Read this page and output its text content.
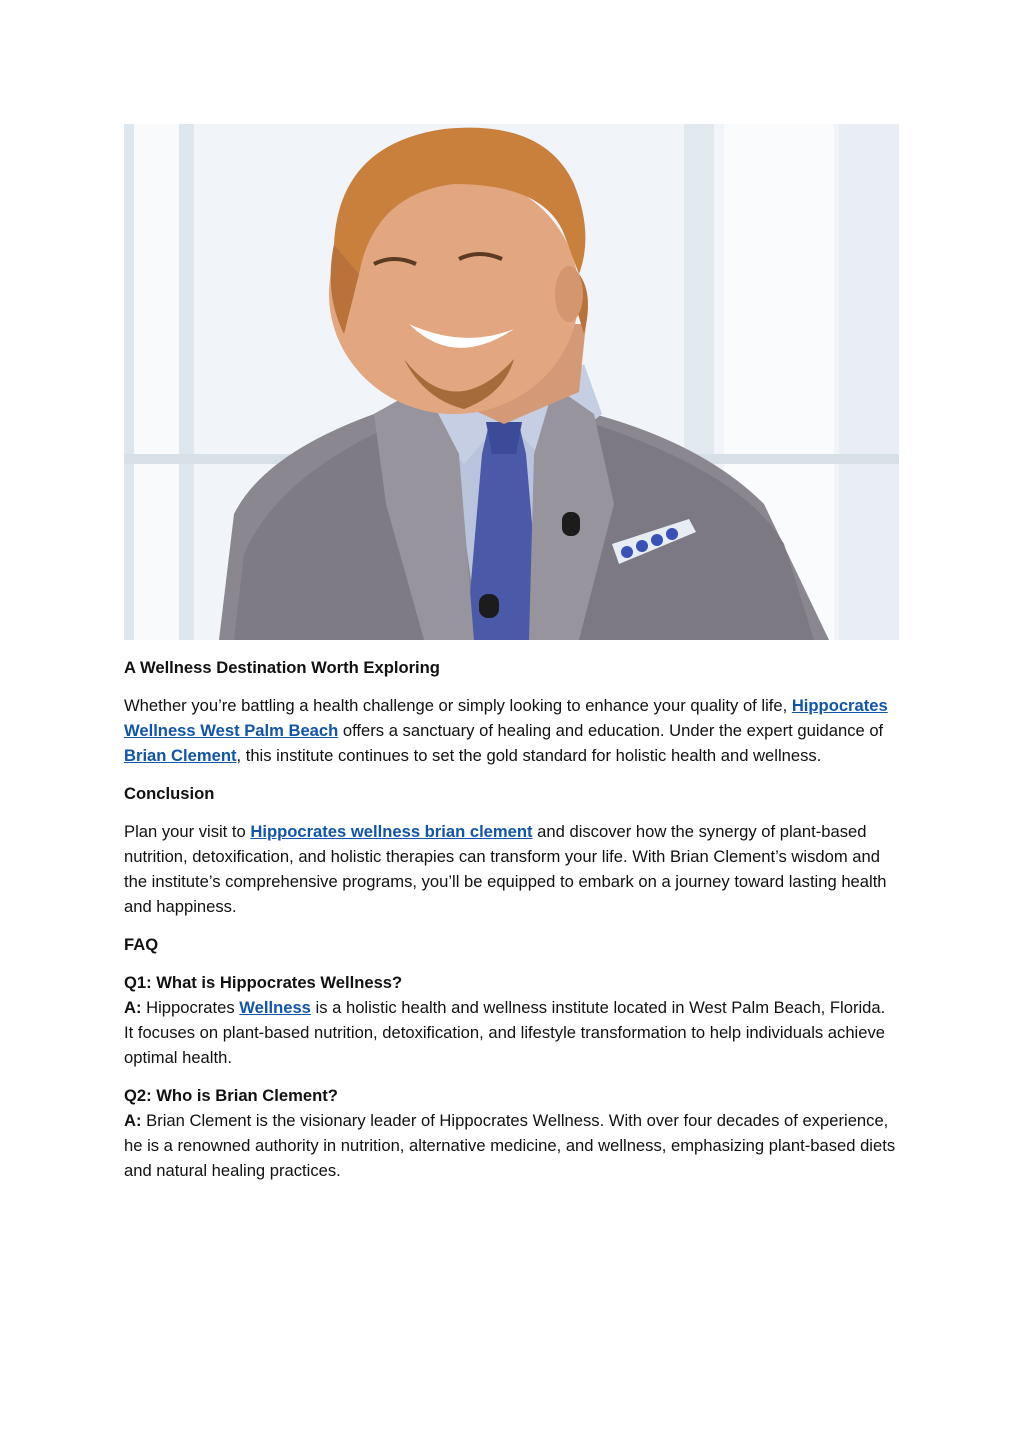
A Wellness Destination Worth Exploring

Whether you’re battling a health challenge or simply looking to enhance your quality of life, Hippocrates Wellness West Palm Beach offers a sanctuary of healing and education. Under the expert guidance of Brian Clement, this institute continues to set the gold standard for holistic health and wellness.

Conclusion

Plan your visit to Hippocrates wellness brian clement and discover how the synergy of plant-based nutrition, detoxification, and holistic therapies can transform your life. With Brian Clement’s wisdom and the institute’s comprehensive programs, you’ll be equipped to embark on a journey toward lasting health and happiness.

FAQ

Q1: What is Hippocrates Wellness?

A: Hippocrates Wellness is a holistic health and wellness institute located in West Palm Beach, Florida. It focuses on plant-based nutrition, detoxification, and lifestyle transformation to help individuals achieve optimal health.

Q2: Who is Brian Clement?

A: Brian Clement is the visionary leader of Hippocrates Wellness. With over four decades of experience, he is a renowned authority in nutrition, alternative medicine, and wellness, emphasizing plant-based diets and natural healing practices.
